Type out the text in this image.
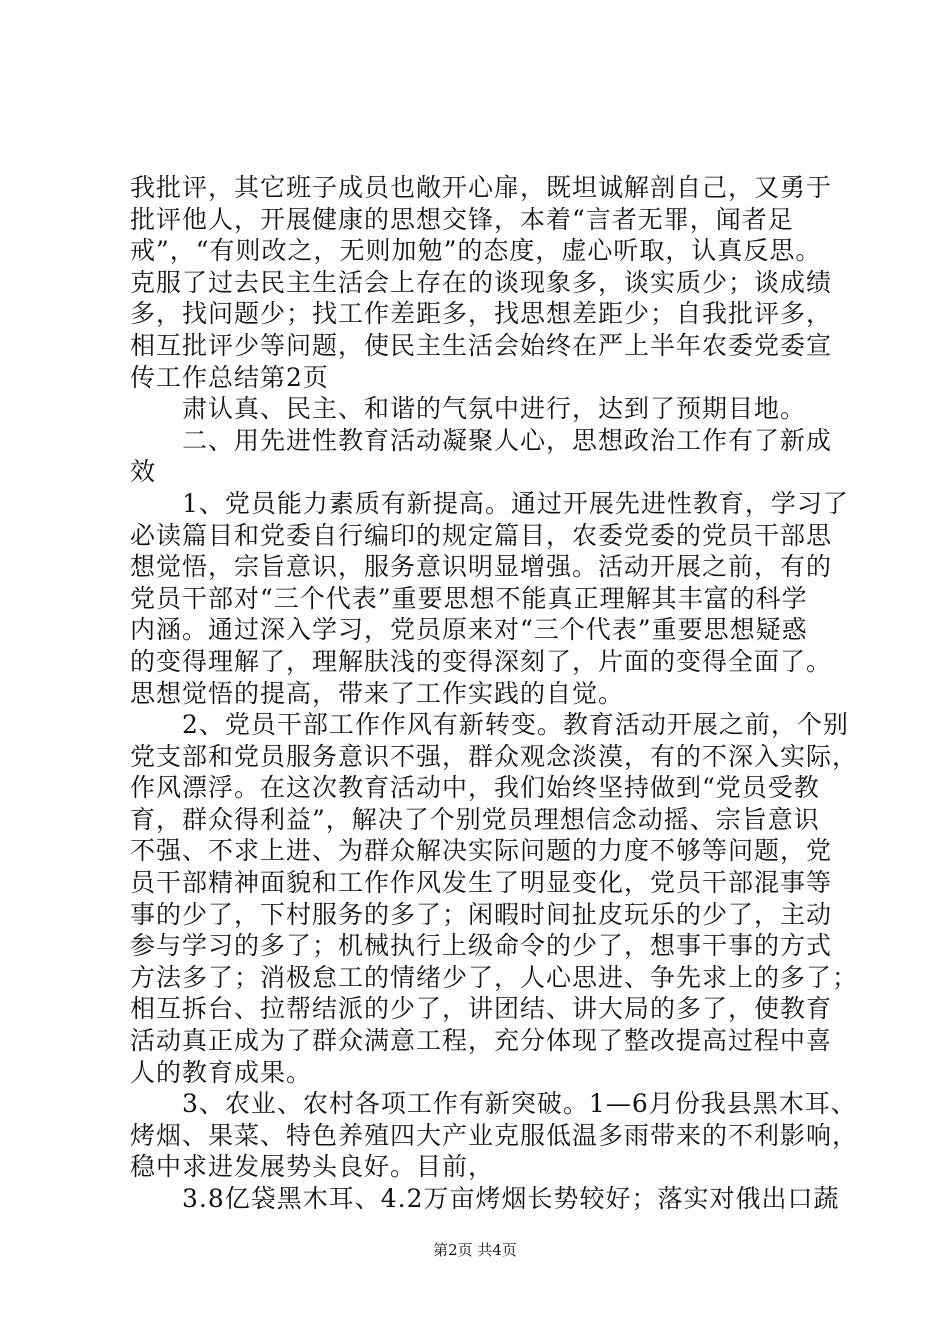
我批评，其它班子成员也敞开心扉，既坦诚解剖自己，又勇于
批评他人，开展健康的思想交锋，本着“言者无罪，闻者足
戒”，“有则改之，无则加勉”的态度，虚心听取，认真反思。
克服了过去民主生活会上存在的谈现象多，谈实质少；谈成绩
多，找问题少；找工作差距多，找思想差距少；自我批评多，
相互批评少等问题，使民主生活会始终在严上半年农委党委宣
传工作总结第2页
　　肃认真、民主、和谐的气氛中进行，达到了预期目地。
　　二、用先进性教育活动凝聚人心，思想政治工作有了新成
效
　　1、党员能力素质有新提高。通过开展先进性教育，学习了
必读篇目和党委自行编印的规定篇目，农委党委的党员干部思
想觉悟，宗旨意识，服务意识明显增强。活动开展之前，有的
党员干部对“三个代表”重要思想不能真正理解其丰富的科学
内涵。通过深入学习，党员原来对“三个代表”重要思想疑惑
的变得理解了，理解肤浅的变得深刻了，片面的变得全面了。
思想觉悟的提高，带来了工作实践的自觉。
　　2、党员干部工作作风有新转变。教育活动开展之前，个别
党支部和党员服务意识不强，群众观念淡漠，有的不深入实际，
作风漂浮。在这次教育活动中，我们始终坚持做到“党员受教
育，群众得利益”，解决了个别党员理想信念动摇、宗旨意识
不强、不求上进、为群众解决实际问题的力度不够等问题，党
员干部精神面貌和工作作风发生了明显变化，党员干部混事等
事的少了，下村服务的多了；闲暇时间扯皮玩乐的少了，主动
参与学习的多了；机械执行上级命令的少了，想事干事的方式
方法多了；消极怠工的情绪少了，人心思进、争先求上的多了；
相互拆台、拉帮结派的少了，讲团结、讲大局的多了，使教育
活动真正成为了群众满意工程，充分体现了整改提高过程中喜
人的教育成果。
　　3、农业、农村各项工作有新突破。1—6月份我县黑木耳、
烤烟、果菜、特色养殖四大产业克服低温多雨带来的不利影响，
稳中求进发展势头良好。目前，
　　3.8亿袋黑木耳、4.2万亩烤烟长势较好；落实对俄出口蔬
第2页 共4页
